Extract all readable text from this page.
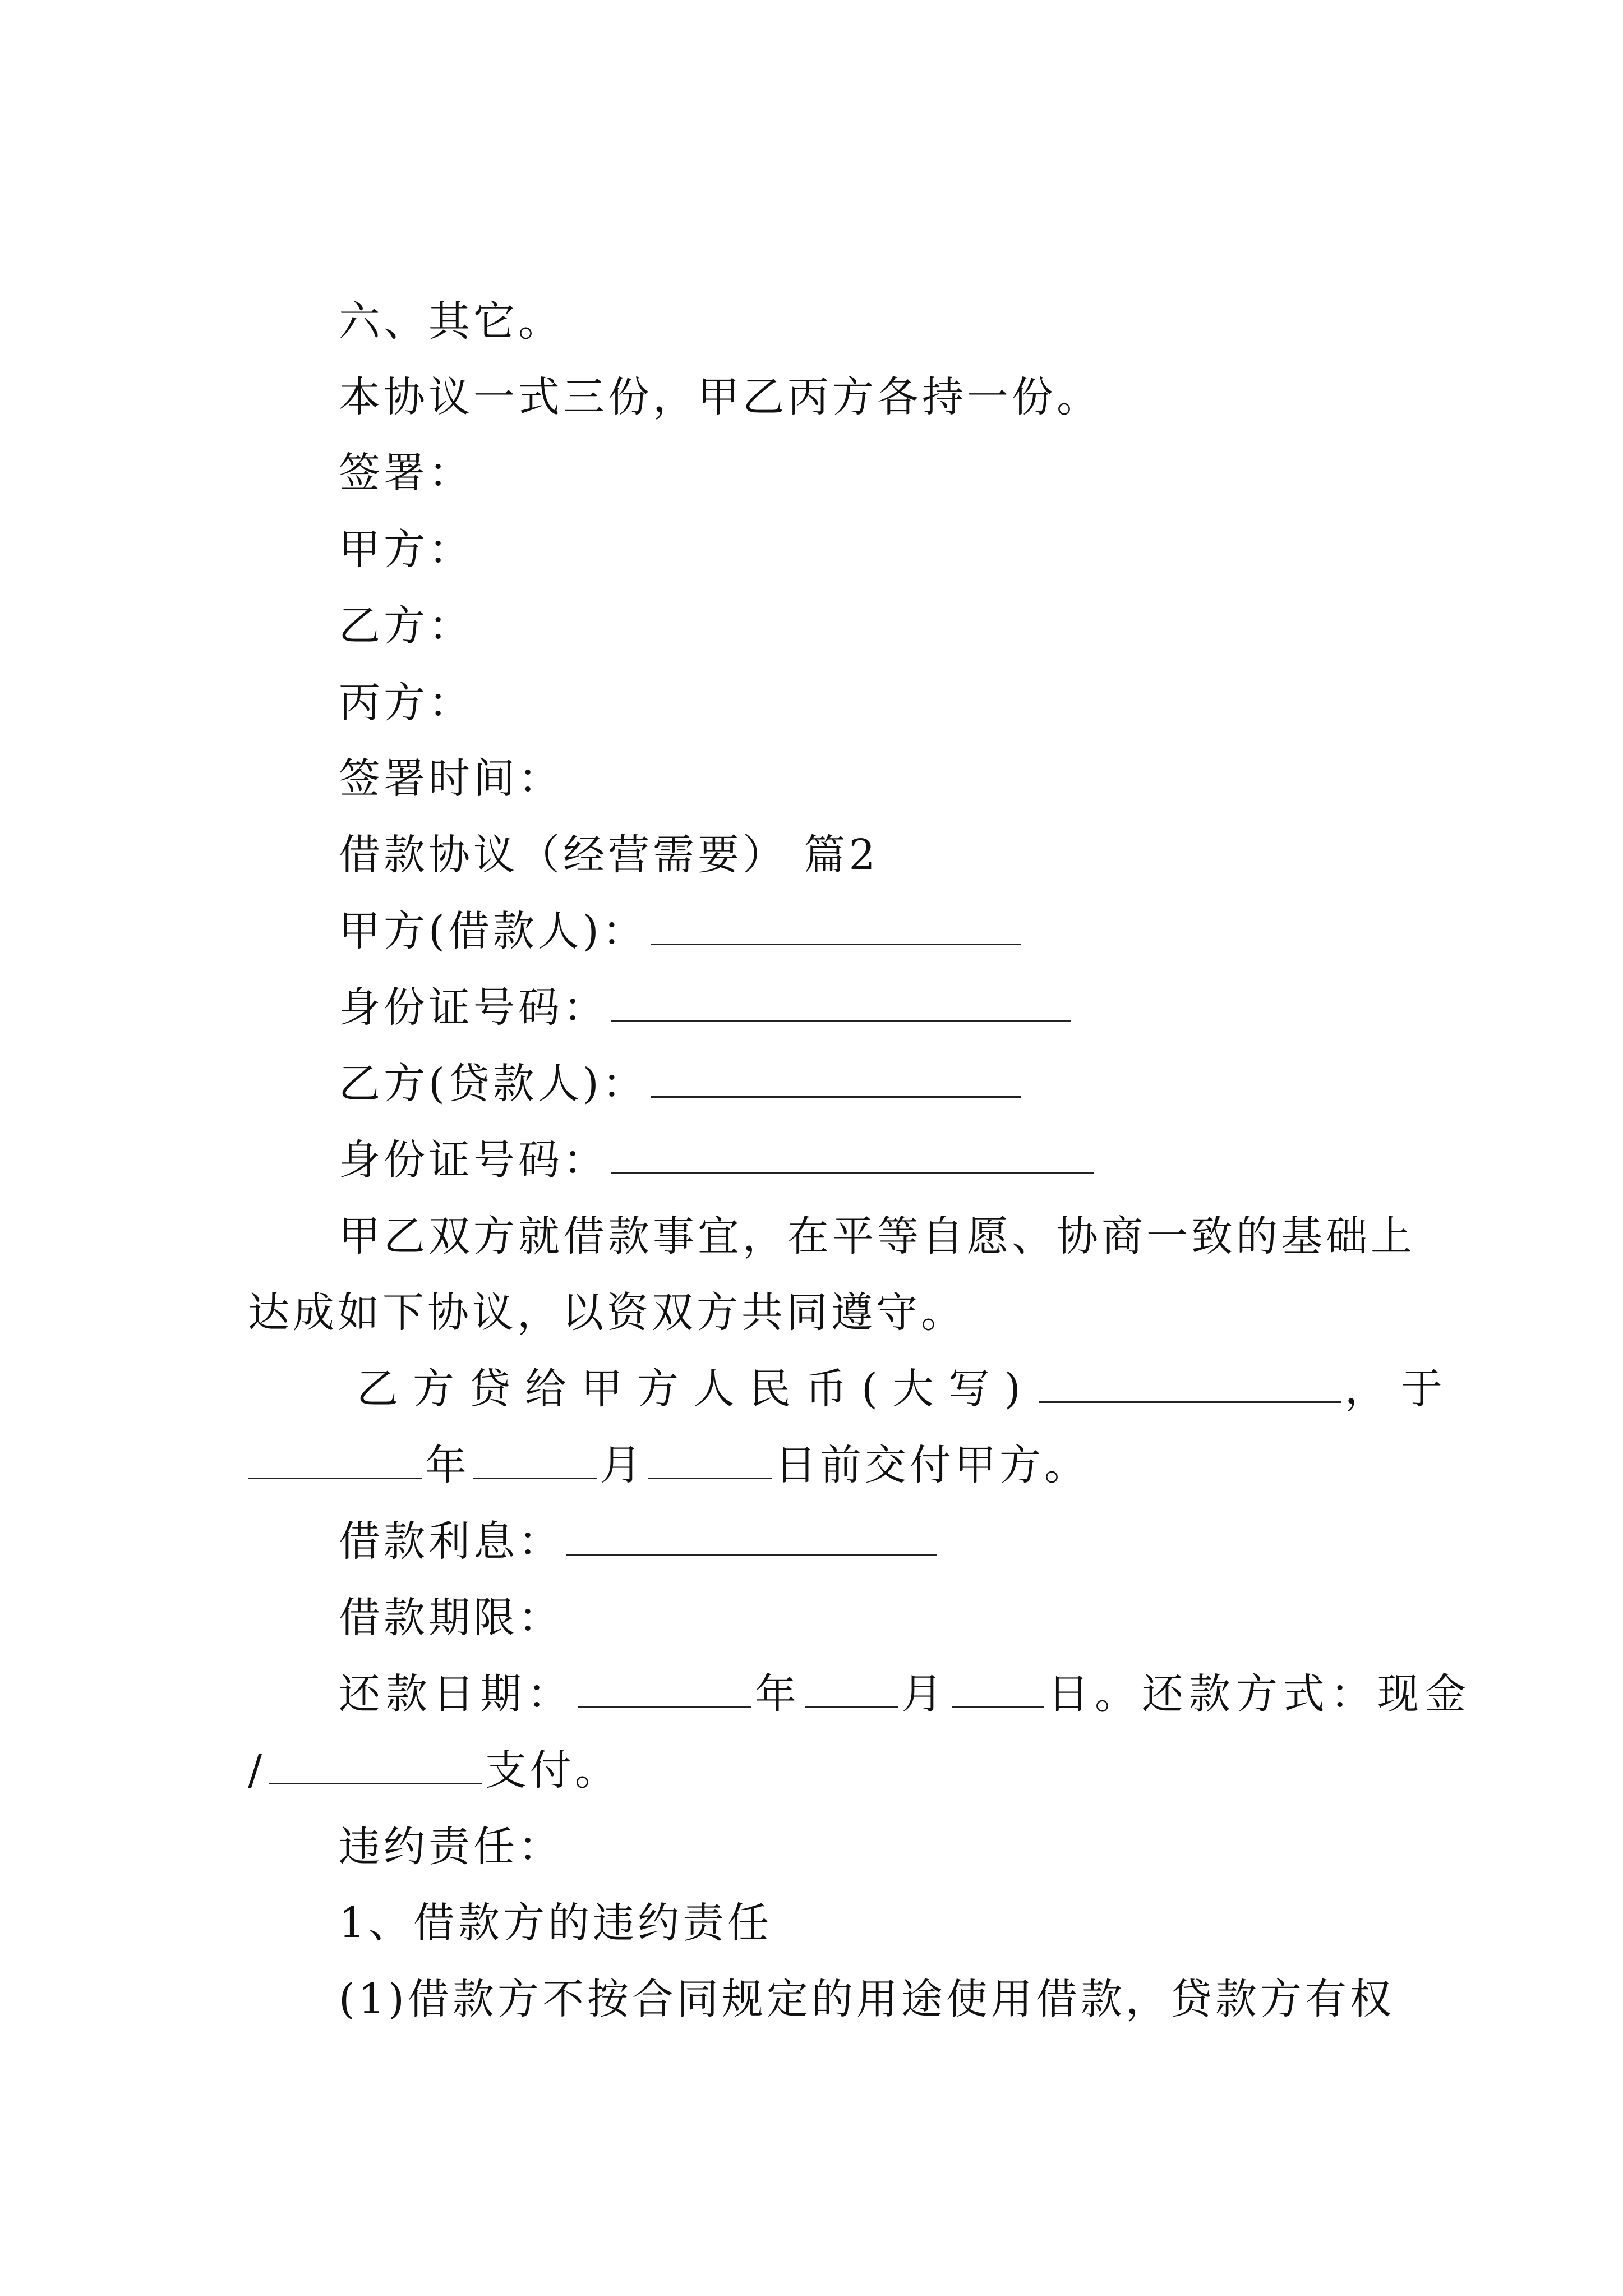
六、其它。
本协议一式三份，甲乙丙方各持一份。
签署：
甲方：
乙方：
丙方：
签署时间：
借款协议（经营需要） 篇2
甲方(借款人)：
身份证号码：
乙方(贷款人)：
身份证号码：
甲乙双方就借款事宜，在平等自愿、协商一致的基础上
达成如下协议，以资双方共同遵守。
乙方贷给甲方人民币(大写)	，于
年	月	日前交付甲方。
借款利息：
借款期限：
还款日期：	年 月 日。还款方式：现金
/	支付。
违约责任：
1、借款方的违约责任
(1)借款方不按合同规定的用途使用借款，贷款方有权
